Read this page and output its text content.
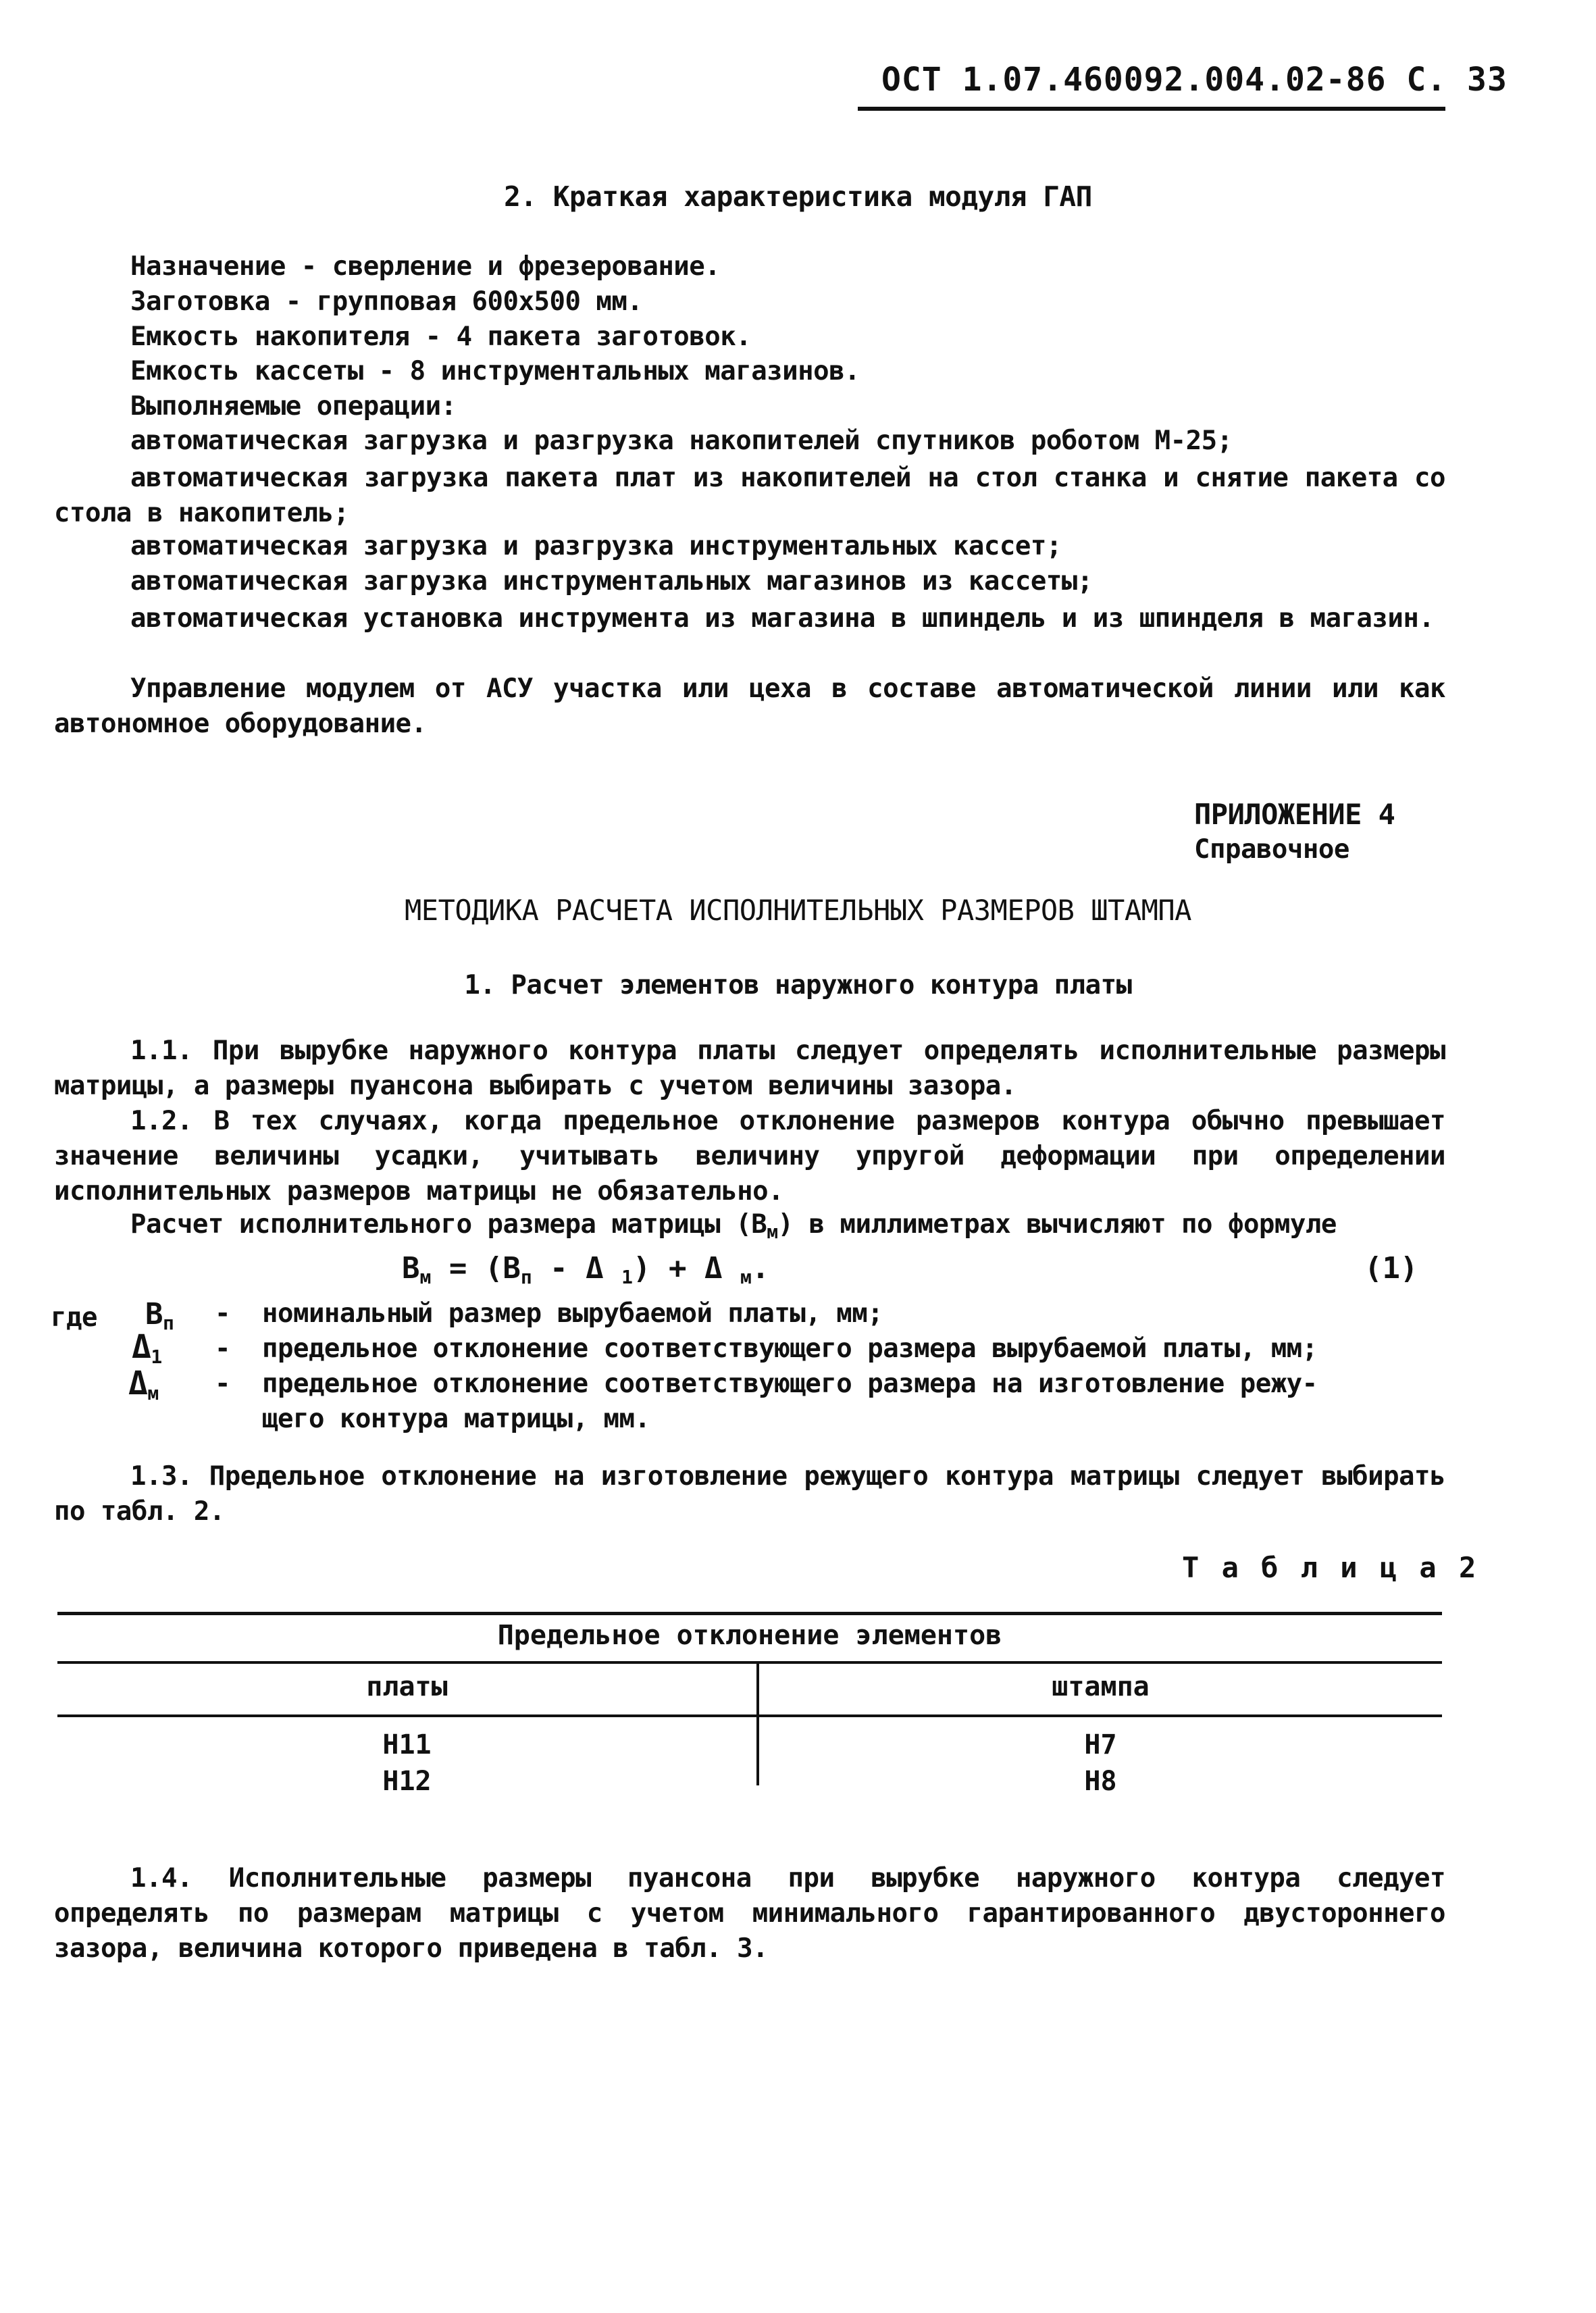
ОСТ 1.07.460092.004.02-86 С. 33
2. Краткая характеристика модуля ГАП
Назначение - сверление и фрезерование.
Заготовка - групповая 600х500 мм.
Емкость накопителя - 4 пакета заготовок.
Емкость кассеты - 8 инструментальных магазинов.
Выполняемые операции:
автоматическая загрузка и разгрузка накопителей спутников роботом М-25;
автоматическая загрузка пакета плат из накопителей на стол станка и снятие пакета со стола в накопитель;
автоматическая загрузка и разгрузка инструментальных кассет;
автоматическая загрузка инструментальных магазинов из кассеты;
автоматическая установка инструмента из магазина в шпиндель и из шпинделя в магазин.
Управление модулем от АСУ участка или цеха в составе автоматической линии или как автономное оборудование.
ПРИЛОЖЕНИЕ 4
Справочное
МЕТОДИКА РАСЧЕТА ИСПОЛНИТЕЛЬНЫХ РАЗМЕРОВ ШТАМПА
1. Расчет элементов наружного контура платы
1.1. При вырубке наружного контура платы следует определять исполнительные размеры матрицы, а размеры пуансона выбирать с учетом величины зазора.
1.2. В тех случаях, когда предельное отклонение размеров контура обычно превышает значение величины усадки, учитывать величину упругой деформации при определении исполнительных размеров матрицы не обязательно.
Расчет исполнительного размера матрицы $(В_м)$ в миллиметрах вычисляют по формуле
$В_м = (В_п - \Delta$ $_1$) + Δ $_м$.	(1)
где $В_п$ - номинальный размер вырубаемой платы, мм;
$\Delta_1$ - предельное отклонение соответствующего размера вырубаемой платы, мм;
$\Delta_м$ - предельное отклонение соответствующего размера на изготовление режу-
щего контура матрицы, мм.
1.3. Предельное отклонение на изготовление режущего контура матрицы следует выбирать по табл. 2.
Т а б л и ц а 2
Предельное отклонение элементов
платы	штампа
H11	H7
H12	H8
1.4. Исполнительные размеры пуансона при вырубке наружного контура следует определять по размерам матрицы с учетом минимального гарантированного двустороннего зазора, величина которого приведена в табл. 3.
